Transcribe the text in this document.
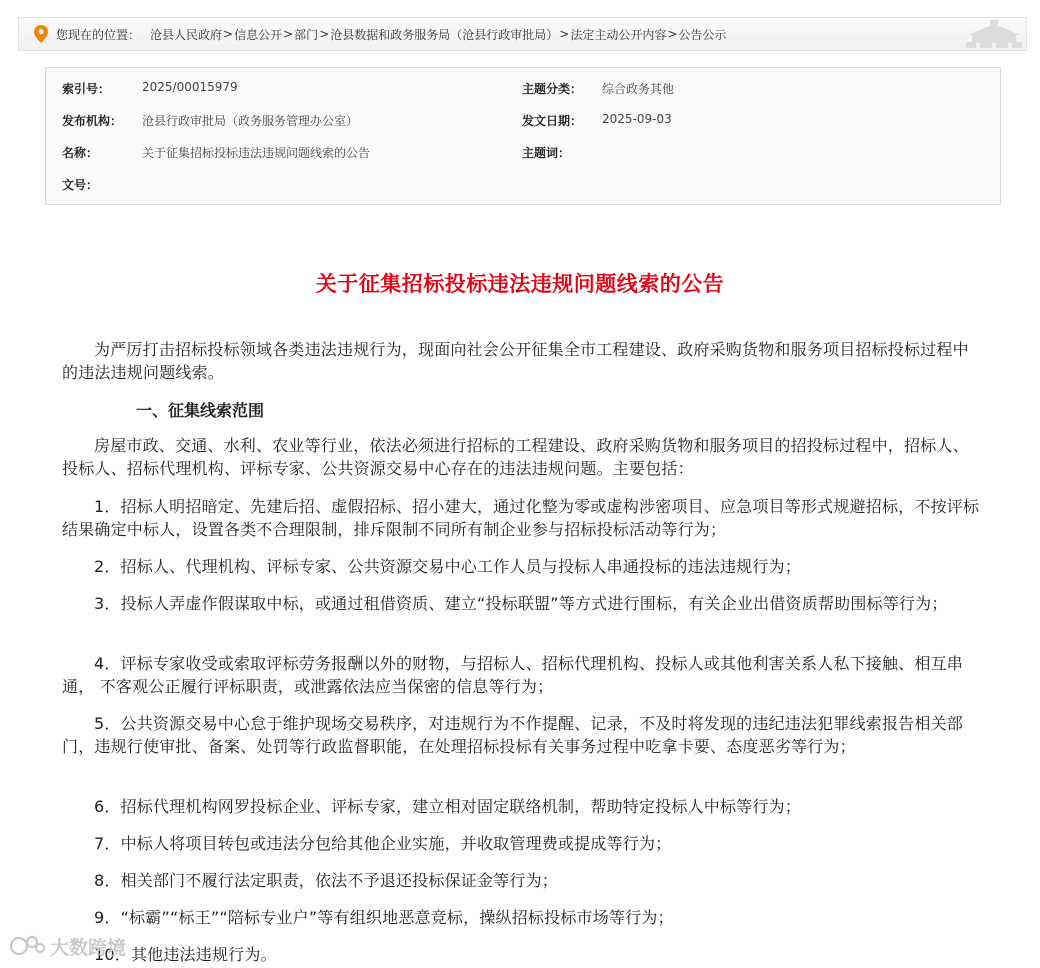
您现在的位置： 沧县人民政府 > 信息公开 > 部门 > 沧县数据和政务服务局（沧县行政审批局） > 法定主动公开内容 > 公告公示
索引号：	2025/00015979	主题分类： 综合政务其他
发布机构： 沧县行政审批局（政务服务管理办公室）	发文日期： 2025-09-03
名称：	关于征集招标投标违法违规问题线索的公告	主题词：
文号：
关于征集招标投标违法违规问题线索的公告

为严厉打击招标投标领域各类违法违规行为，现面向社会公开征集全市工程建设、政府采购货物和服务项目招标投标过程中的违法违规问题线索。

一、征集线索范围

房屋市政、交通、水利、农业等行业，依法必须进行招标的工程建设、政府采购货物和服务项目的招投标过程中，招标人、投标人、招标代理机构、评标专家、公共资源交易中心存在的违法违规问题。主要包括：

1．招标人明招暗定、先建后招、虚假招标、招小建大，通过化整为零或虚构涉密项目、应急项目等形式规避招标，不按评标结果确定中标人，设置各类不合理限制，排斥限制不同所有制企业参与招标投标活动等行为；

2．招标人、代理机构、评标专家、公共资源交易中心工作人员与投标人串通投标的违法违规行为；

3．投标人弄虚作假谋取中标，或通过租借资质、建立“投标联盟”等方式进行围标，有关企业出借资质帮助围标等行为；

4．评标专家收受或索取评标劳务报酬以外的财物，与招标人、招标代理机构、投标人或其他利害关系人私下接触、相互串通， 不客观公正履行评标职责，或泄露依法应当保密的信息等行为；

5．公共资源交易中心怠于维护现场交易秩序，对违规行为不作提醒、记录，不及时将发现的违纪违法犯罪线索报告相关部门，违规行使审批、备案、处罚等行政监督职能，在处理招标投标有关事务过程中吃拿卡要、态度恶劣等行为；

6．招标代理机构网罗投标企业、评标专家，建立相对固定联络机制，帮助特定投标人中标等行为；

7．中标人将项目转包或违法分包给其他企业实施，并收取管理费或提成等行为；

8．相关部门不履行法定职责，依法不予退还投标保证金等行为；

9．“标霸”“标王”“陪标专业户”等有组织地恶意竞标，操纵招标投标市场等行为；

10．其他违法违规行为。

大数跨境
